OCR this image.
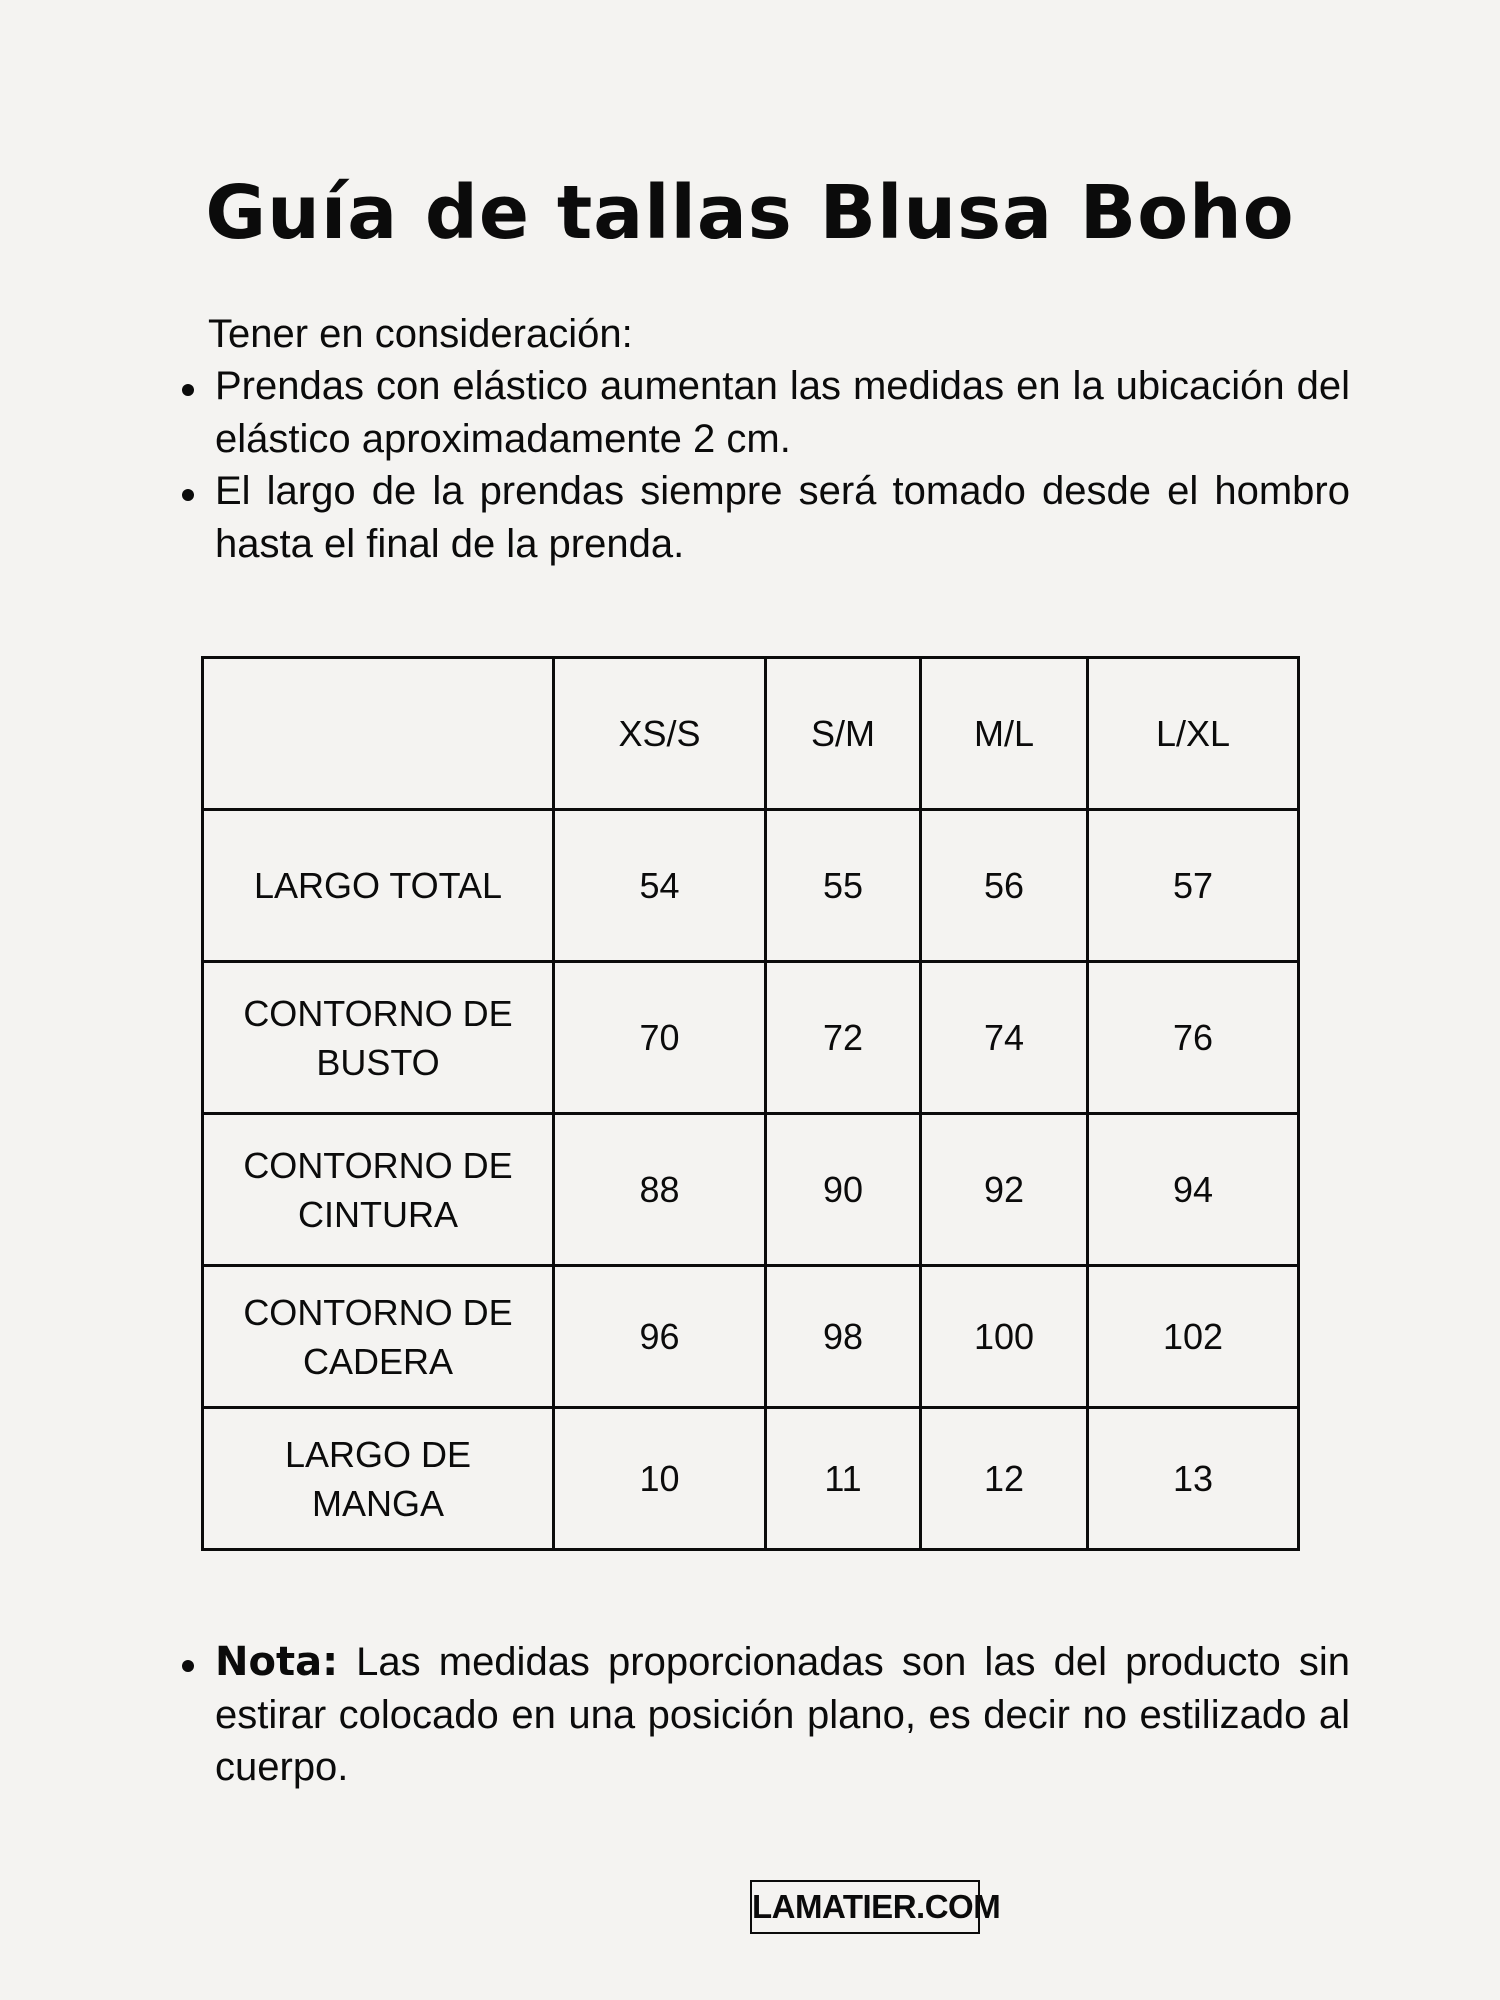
Guía de tallas Blusa Boho
Tener en consideración:
Prendas con elástico aumentan las medidas en la ubicación del elástico aproximadamente 2 cm.
El largo de la prendas siempre será tomado desde el hombro hasta el final de la prenda.
	XS/S	S/M	M/L	L/XL
LARGO TOTAL	54	55	56	57
CONTORNO DE BUSTO	70	72	74	76
CONTORNO DE CINTURA	88	90	92	94
CONTORNO DE CADERA	96	98	100	102
LARGO DE MANGA	10	11	12	13
Nota: Las medidas proporcionadas son las del producto sin estirar colocado en una posición plano, es decir no estilizado al cuerpo.
LAMATIER.COM
